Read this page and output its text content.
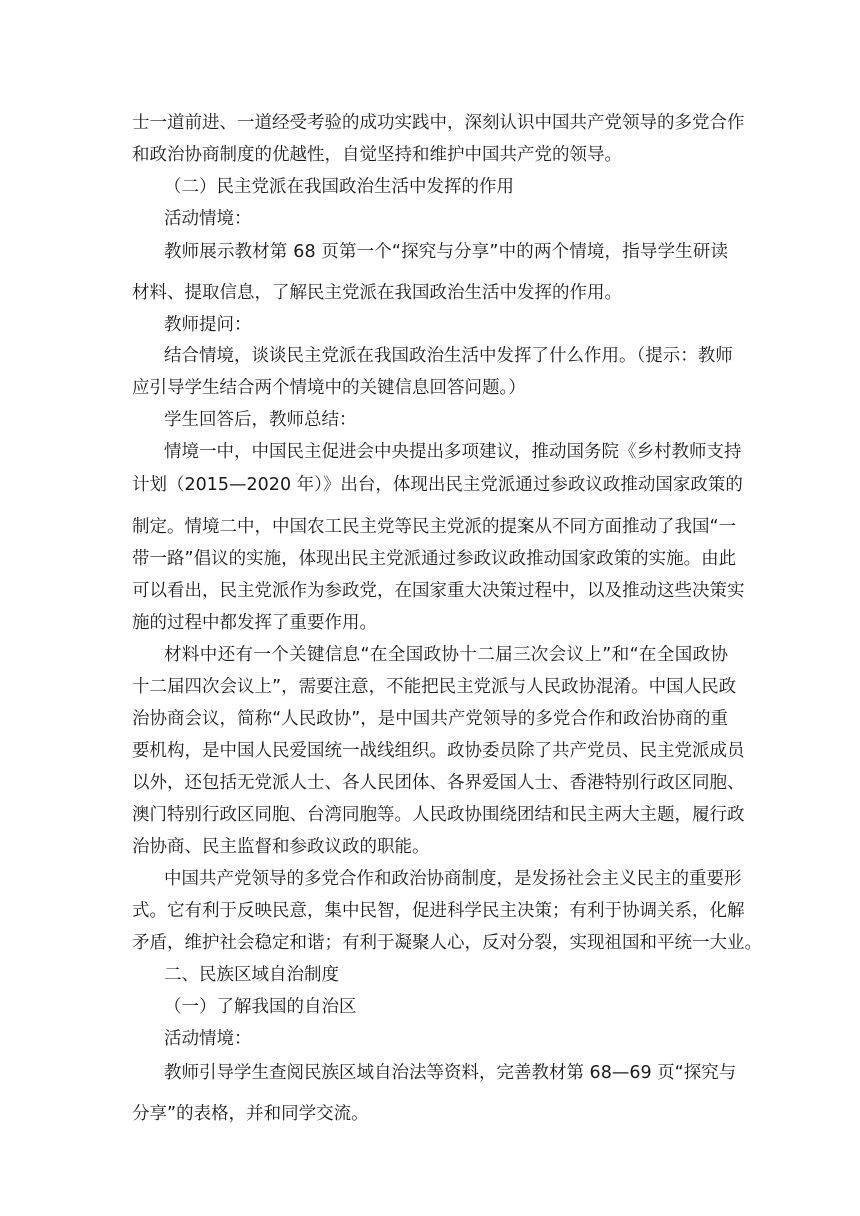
士一道前进、一道经受考验的成功实践中，深刻认识中国共产党领导的多党合作
和政治协商制度的优越性，自觉坚持和维护中国共产党的领导。
（二）民主党派在我国政治生活中发挥的作用
活动情境：
教师展示教材第 68 页第一个“探究与分享”中的两个情境，指导学生研读
材料、提取信息，了解民主党派在我国政治生活中发挥的作用。
教师提问：
结合情境，谈谈民主党派在我国政治生活中发挥了什么作用。（提示：教师
应引导学生结合两个情境中的关键信息回答问题。）
学生回答后，教师总结：
情境一中，中国民主促进会中央提出多项建议，推动国务院《乡村教师支持
计划（2015—2020 年）》出台，体现出民主党派通过参政议政推动国家政策的
制定。情境二中，中国农工民主党等民主党派的提案从不同方面推动了我国“一
带一路”倡议的实施，体现出民主党派通过参政议政推动国家政策的实施。由此
可以看出，民主党派作为参政党，在国家重大决策过程中，以及推动这些决策实
施的过程中都发挥了重要作用。
材料中还有一个关键信息“在全国政协十二届三次会议上”和“在全国政协
十二届四次会议上”，需要注意，不能把民主党派与人民政协混淆。中国人民政
治协商会议，简称“人民政协”，是中国共产党领导的多党合作和政治协商的重
要机构，是中国人民爱国统一战线组织。政协委员除了共产党员、民主党派成员
以外，还包括无党派人士、各人民团体、各界爱国人士、香港特别行政区同胞、
澳门特别行政区同胞、台湾同胞等。人民政协围绕团结和民主两大主题，履行政
治协商、民主监督和参政议政的职能。
中国共产党领导的多党合作和政治协商制度，是发扬社会主义民主的重要形
式。它有利于反映民意，集中民智，促进科学民主决策；有利于协调关系，化解
矛盾，维护社会稳定和谐；有利于凝聚人心，反对分裂，实现祖国和平统一大业。
二、民族区域自治制度
（一）了解我国的自治区
活动情境：
教师引导学生查阅民族区域自治法等资料，完善教材第 68—69 页“探究与
分享”的表格，并和同学交流。
